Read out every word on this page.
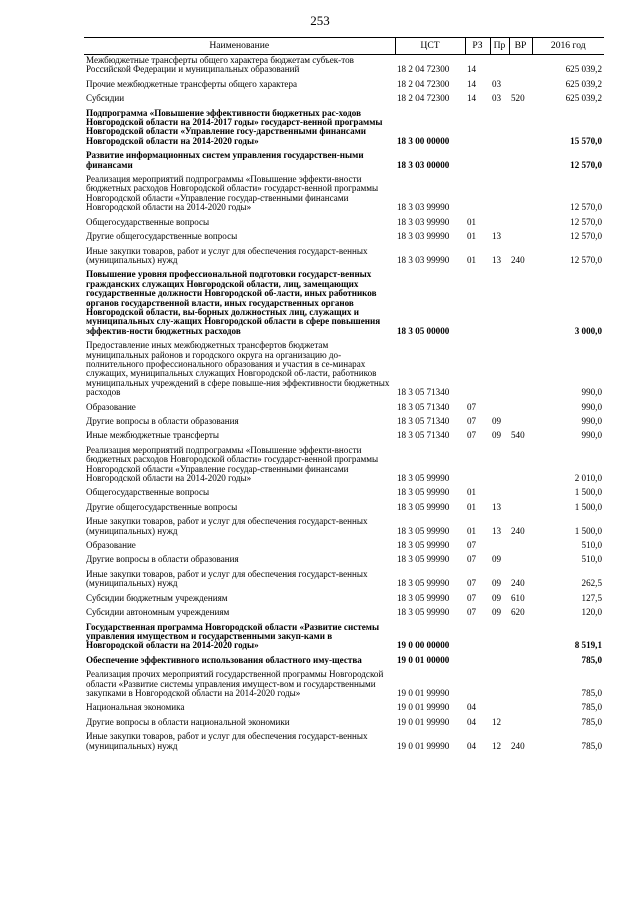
253
Наименование	ЦСТ	РЗ	Пр	ВР	2016 год
Межбюджетные трансферты общего характера бюджетам субъек-тов Российской Федерации и муниципальных образований	18 2 04 72300	14			625 039,2
Прочие межбюджетные трансферты общего характера	18 2 04 72300	14	03		625 039,2
Субсидии	18 2 04 72300	14	03	520	625 039,2
Подпрограмма «Повышение эффективности бюджетных рас-ходов Новгородской области на 2014-2017 годы» государст-венной программы Новгородской области «Управление госу-дарственными финансами Новгородской области на 2014-2020 годы»	18 3 00 00000				15 570,0
Развитие информационных систем управления государствен-ными финансами	18 3 03 00000				12 570,0
Реализация мероприятий подпрограммы «Повышение эффекти-вности бюджетных расходов Новгородской области» государст-венной программы Новгородской области «Управление государ-ственными финансами Новгородской области на 2014-2020 годы»	18 3 03 99990				12 570,0
Общегосударственные вопросы	18 3 03 99990	01			12 570,0
Другие общегосударственные вопросы	18 3 03 99990	01	13		12 570,0
Иные закупки товаров, работ и услуг для обеспечения государст-венных (муниципальных) нужд	18 3 03 99990	01	13	240	12 570,0
Повышение уровня профессиональной подготовки государст-венных гражданских служащих Новгородской области, лиц, замещающих государственные должности Новгородской об-ласти, иных работников органов государственной власти, иных государственных органов Новгородской области, вы-борных должностных лиц, служащих и муниципальных слу-жащих Новгородской области в сфере повышения эффектив-ности бюджетных расходов	18 3 05 00000				3 000,0
Предоставление иных межбюджетных трансфертов бюджетам муниципальных районов и городского округа на организацию до-полнительного профессионального образования и участия в се-минарах служащих, муниципальных служащих Новгородской об-ласти, работников муниципальных учреждений в сфере повыше-ния эффективности бюджетных расходов	18 3 05 71340				990,0
Образование	18 3 05 71340	07			990,0
Другие вопросы в области образования	18 3 05 71340	07	09		990,0
Иные межбюджетные трансферты	18 3 05 71340	07	09	540	990,0
Реализация мероприятий подпрограммы «Повышение эффекти-вности бюджетных расходов Новгородской области» государст-венной программы Новгородской области «Управление государ-ственными финансами Новгородской области на 2014-2020 годы»	18 3 05 99990				2 010,0
Общегосударственные вопросы	18 3 05 99990	01			1 500,0
Другие общегосударственные вопросы	18 3 05 99990	01	13		1 500,0
Иные закупки товаров, работ и услуг для обеспечения государст-венных (муниципальных) нужд	18 3 05 99990	01	13	240	1 500,0
Образование	18 3 05 99990	07			510,0
Другие вопросы в области образования	18 3 05 99990	07	09		510,0
Иные закупки товаров, работ и услуг для обеспечения государст-венных (муниципальных) нужд	18 3 05 99990	07	09	240	262,5
Субсидии бюджетным учреждениям	18 3 05 99990	07	09	610	127,5
Субсидии автономным учреждениям	18 3 05 99990	07	09	620	120,0
Государственная программа Новгородской области «Развитие системы управления имуществом и государственными закуп-ками в Новгородской области на 2014-2020 годы»	19 0 00 00000				8 519,1
Обеспечение эффективного использования областного иму-щества	19 0 01 00000				785,0
Реализация прочих мероприятий государственной программы Новгородской области «Развитие системы управления имущест-вом и государственными закупками в Новгородской области на 2014-2020 годы»	19 0 01 99990				785,0
Национальная экономика	19 0 01 99990	04			785,0
Другие вопросы в области национальной экономики	19 0 01 99990	04	12		785,0
Иные закупки товаров, работ и услуг для обеспечения государст-венных (муниципальных) нужд	19 0 01 99990	04	12	240	785,0
